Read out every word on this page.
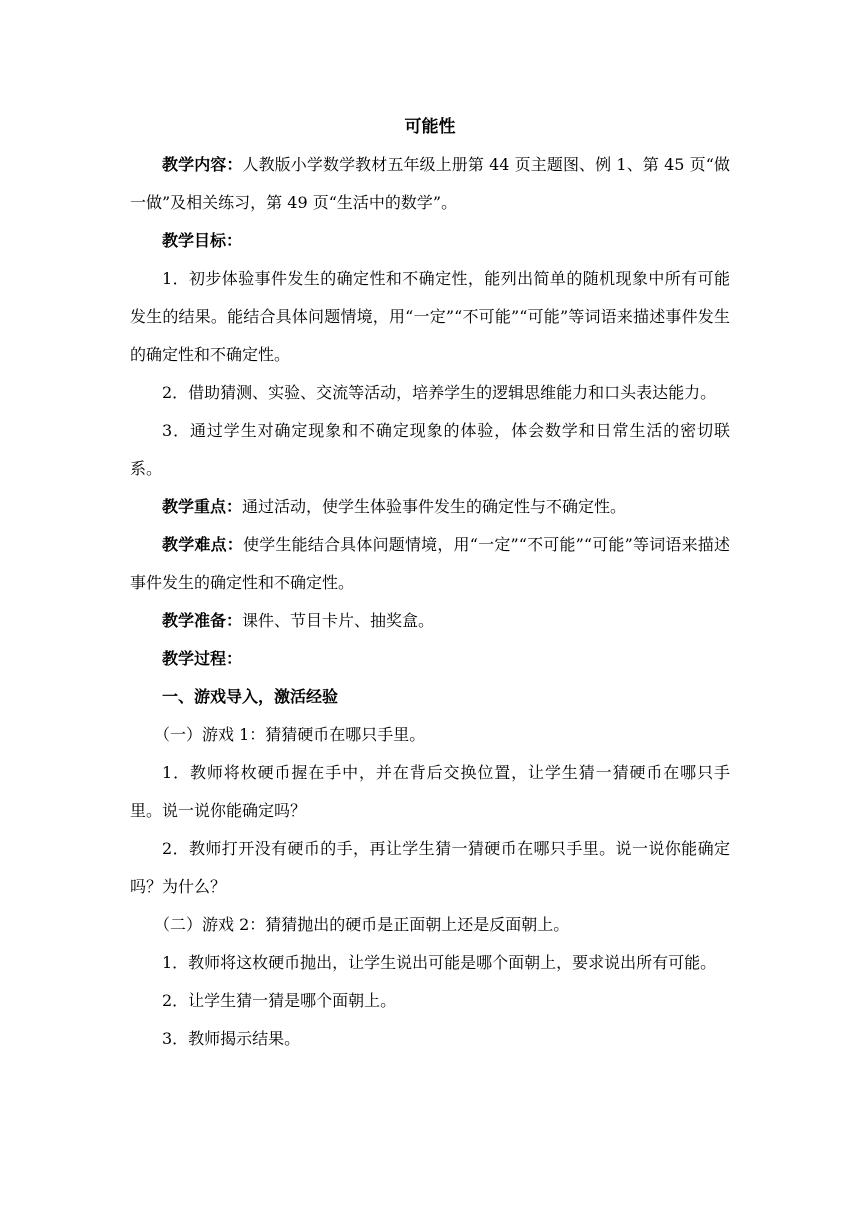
可能性

教学内容：人教版小学数学教材五年级上册第 44 页主题图、例 1、第 45 页“做一做”及相关练习，第 49 页“生活中的数学”。

教学目标：

1．初步体验事件发生的确定性和不确定性，能列出简单的随机现象中所有可能发生的结果。能结合具体问题情境，用“一定”“不可能”“可能”等词语来描述事件发生的确定性和不确定性。

2．借助猜测、实验、交流等活动，培养学生的逻辑思维能力和口头表达能力。

3．通过学生对确定现象和不确定现象的体验，体会数学和日常生活的密切联系。

教学重点：通过活动，使学生体验事件发生的确定性与不确定性。

教学难点：使学生能结合具体问题情境，用“一定”“不可能”“可能”等词语来描述事件发生的确定性和不确定性。

教学准备：课件、节目卡片、抽奖盒。

教学过程：

一、游戏导入，激活经验

（一）游戏 1：猜猜硬币在哪只手里。

1．教师将枚硬币握在手中，并在背后交换位置，让学生猜一猜硬币在哪只手里。说一说你能确定吗？

2．教师打开没有硬币的手，再让学生猜一猜硬币在哪只手里。说一说你能确定吗？为什么？

（二）游戏 2：猜猜抛出的硬币是正面朝上还是反面朝上。

1．教师将这枚硬币抛出，让学生说出可能是哪个面朝上，要求说出所有可能。

2．让学生猜一猜是哪个面朝上。

3．教师揭示结果。
